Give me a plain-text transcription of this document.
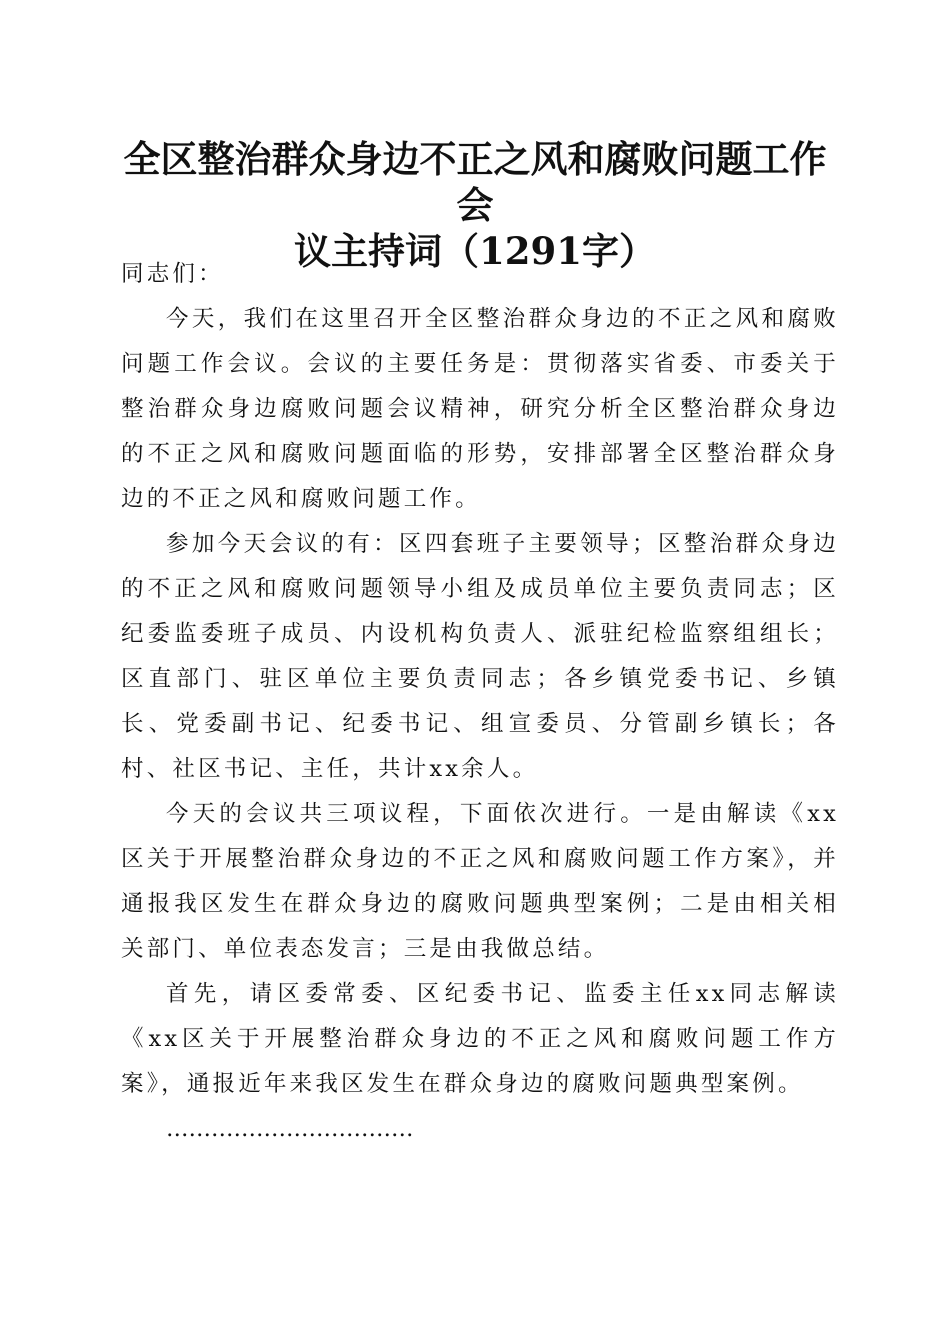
全区整治群众身边不正之风和腐败问题工作会
议主持词（1291字）

同志们：

今天，我们在这里召开全区整治群众身边的不正之风和腐败问题工作会议。会议的主要任务是：贯彻落实省委、市委关于整治群众身边腐败问题会议精神，研究分析全区整治群众身边的不正之风和腐败问题面临的形势，安排部署全区整治群众身边的不正之风和腐败问题工作。

参加今天会议的有：区四套班子主要领导；区整治群众身边的不正之风和腐败问题领导小组及成员单位主要负责同志；区纪委监委班子成员、内设机构负责人、派驻纪检监察组组长；区直部门、驻区单位主要负责同志；各乡镇党委书记、乡镇长、党委副书记、纪委书记、组宣委员、分管副乡镇长；各村、社区书记、主任，共计xx余人。

今天的会议共三项议程，下面依次进行。一是由解读《xx区关于开展整治群众身边的不正之风和腐败问题工作方案》，并通报我区发生在群众身边的腐败问题典型案例；二是由相关相关部门、单位表态发言；三是由我做总结。

首先，请区委常委、区纪委书记、监委主任xx同志解读《xx区关于开展整治群众身边的不正之风和腐败问题工作方案》，通报近年来我区发生在群众身边的腐败问题典型案例。

……………………………
